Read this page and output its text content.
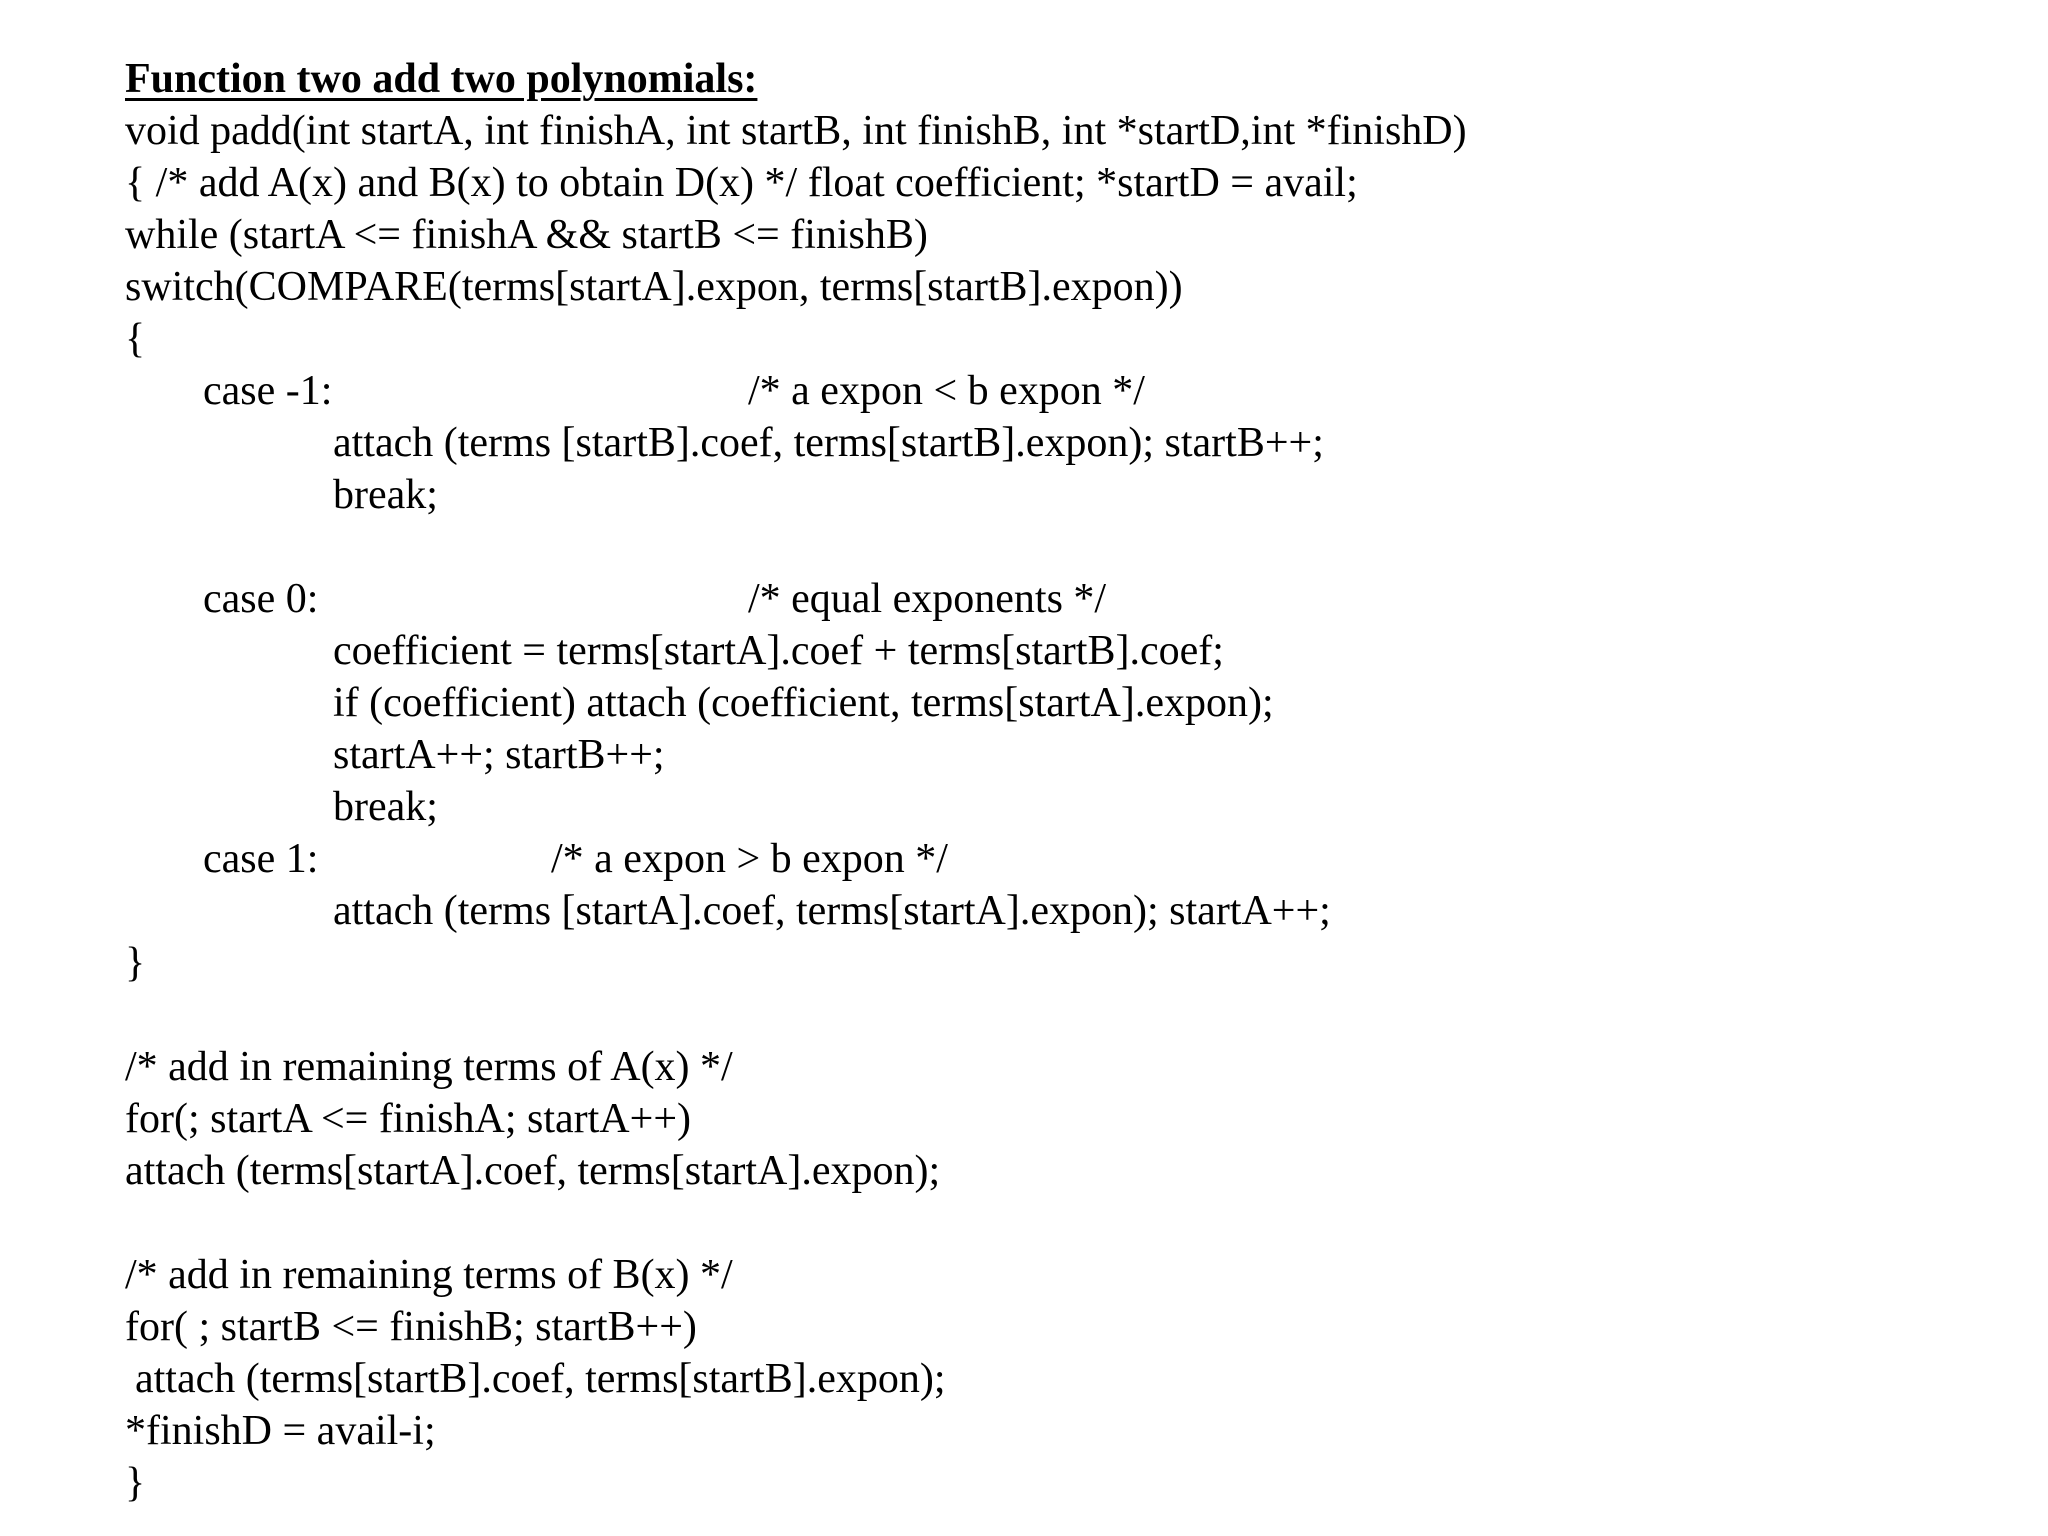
Function two add two polynomials:
void padd(int startA, int finishA, int startB, int finishB, int *startD,int *finishD)
{ /* add A(x) and B(x) to obtain D(x) */ float coefficient; *startD = avail;
while (startA <= finishA && startB <= finishB)
switch(COMPARE(terms[startA].expon, terms[startB].expon))
{
case -1:	/* a expon < b expon */
attach (terms [startB].coef, terms[startB].expon); startB++;
break;
case 0:	/* equal exponents */
coefficient = terms[startA].coef + terms[startB].coef;
if (coefficient) attach (coefficient, terms[startA].expon);
startA++; startB++;
break;
case 1:	/* a expon > b expon */
attach (terms [startA].coef, terms[startA].expon); startA++;
}
/* add in remaining terms of A(x) */
for(; startA <= finishA; startA++)
attach (terms[startA].coef, terms[startA].expon);
/* add in remaining terms of B(x) */
for( ; startB <= finishB; startB++)
attach (terms[startB].coef, terms[startB].expon);
*finishD = avail-i;
}
